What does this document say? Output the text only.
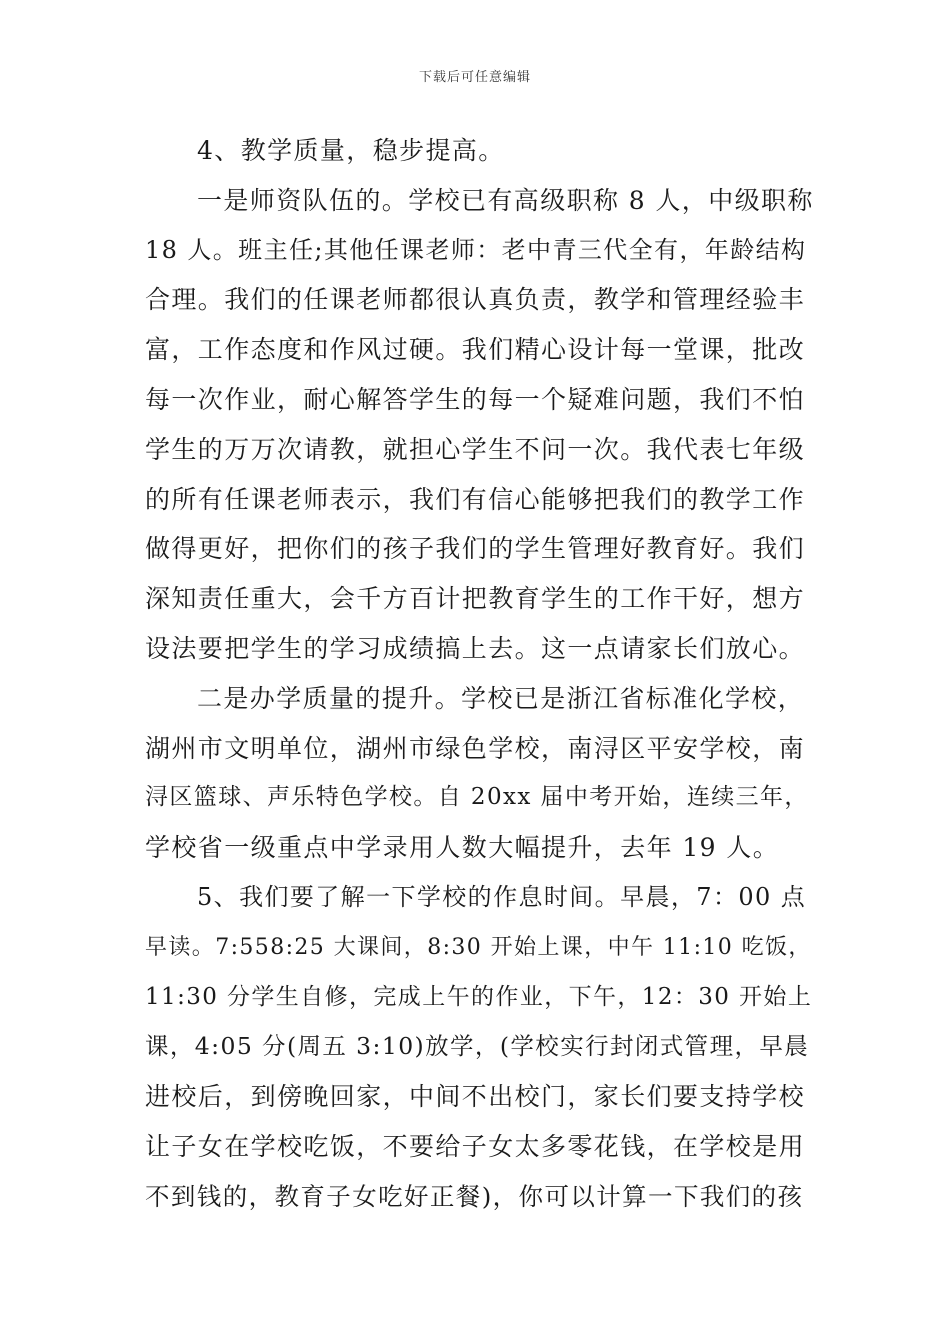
下载后可任意编辑
4、教学质量，稳步提高。
一是师资队伍的。学校已有高级职称 8 人，中级职称
18 人。班主任;其他任课老师：老中青三代全有，年龄结构
合理。我们的任课老师都很认真负责，教学和管理经验丰
富，工作态度和作风过硬。我们精心设计每一堂课，批改
每一次作业，耐心解答学生的每一个疑难问题，我们不怕
学生的万万次请教，就担心学生不问一次。我代表七年级
的所有任课老师表示，我们有信心能够把我们的教学工作
做得更好，把你们的孩子我们的学生管理好教育好。我们
深知责任重大，会千方百计把教育学生的工作干好，想方
设法要把学生的学习成绩搞上去。这一点请家长们放心。
二是办学质量的提升。学校已是浙江省标准化学校，
湖州市文明单位，湖州市绿色学校，南浔区平安学校，南
浔区篮球、声乐特色学校。自 20xx 届中考开始，连续三年，
学校省一级重点中学录用人数大幅提升，去年 19 人。
5、我们要了解一下学校的作息时间。早晨，7：00 点
早读。7:558:25 大课间，8:30 开始上课，中午 11:10 吃饭，
11:30 分学生自修，完成上午的作业，下午，12：30 开始上
课，4:05 分(周五 3:10)放学，(学校实行封闭式管理，早晨
进校后，到傍晚回家，中间不出校门，家长们要支持学校
让子女在学校吃饭，不要给子女太多零花钱，在学校是用
不到钱的，教育子女吃好正餐)，你可以计算一下我们的孩
